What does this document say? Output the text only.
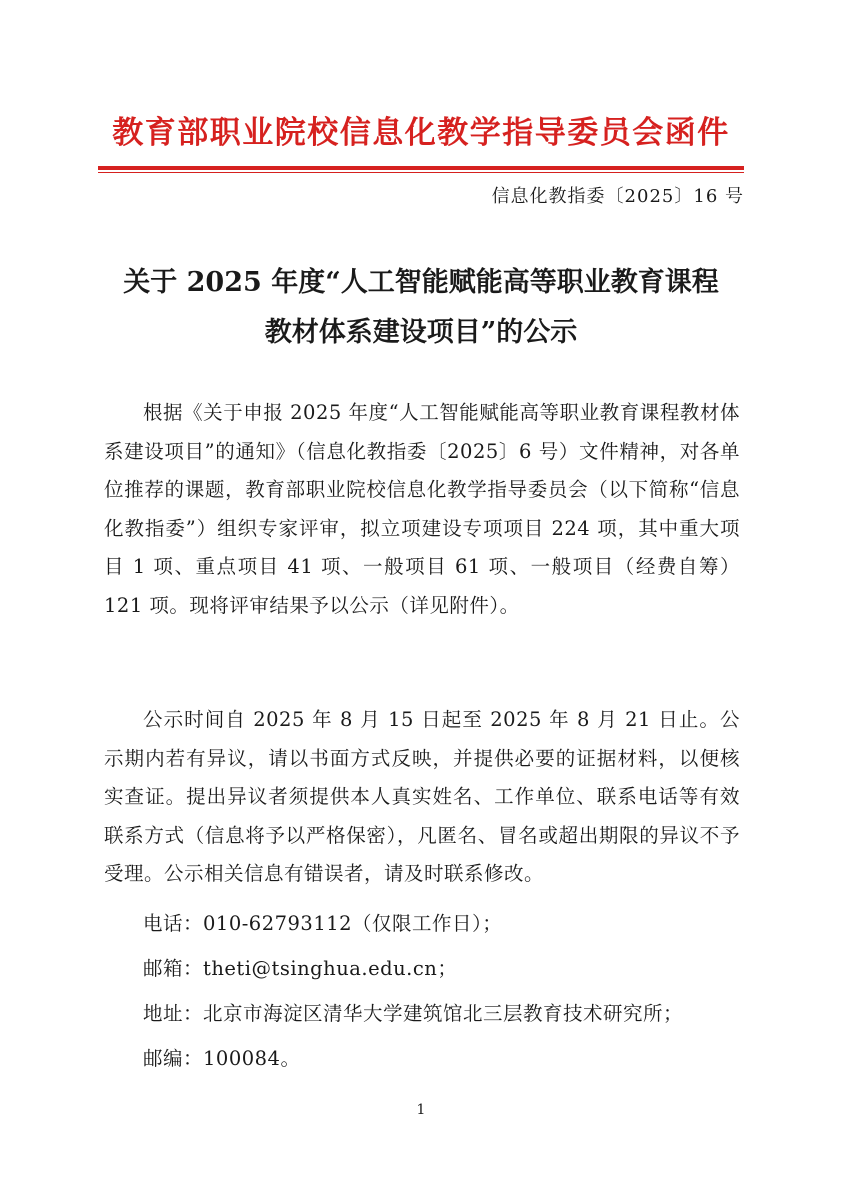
教育部职业院校信息化教学指导委员会函件
信息化教指委〔2025〕16 号
关于 2025 年度“人工智能赋能高等职业教育课程
教材体系建设项目”的公示
根据《关于申报 2025 年度“人工智能赋能高等职业教育课程教材体系建设项目”的通知》（信息化教指委〔2025〕6 号）文件精神，对各单位推荐的课题，教育部职业院校信息化教学指导委员会（以下简称“信息化教指委”）组织专家评审，拟立项建设专项项目 224 项，其中重大项目 1 项、重点项目 41 项、一般项目 61 项、一般项目（经费自筹）121 项。现将评审结果予以公示（详见附件）。
公示时间自 2025 年 8 月 15 日起至 2025 年 8 月 21 日止。公示期内若有异议，请以书面方式反映，并提供必要的证据材料，以便核实查证。提出异议者须提供本人真实姓名、工作单位、联系电话等有效联系方式（信息将予以严格保密），凡匿名、冒名或超出期限的异议不予受理。公示相关信息有错误者，请及时联系修改。
电话：010-62793112（仅限工作日）；
邮箱：theti@tsinghua.edu.cn；
地址：北京市海淀区清华大学建筑馆北三层教育技术研究所；
邮编：100084。
1
